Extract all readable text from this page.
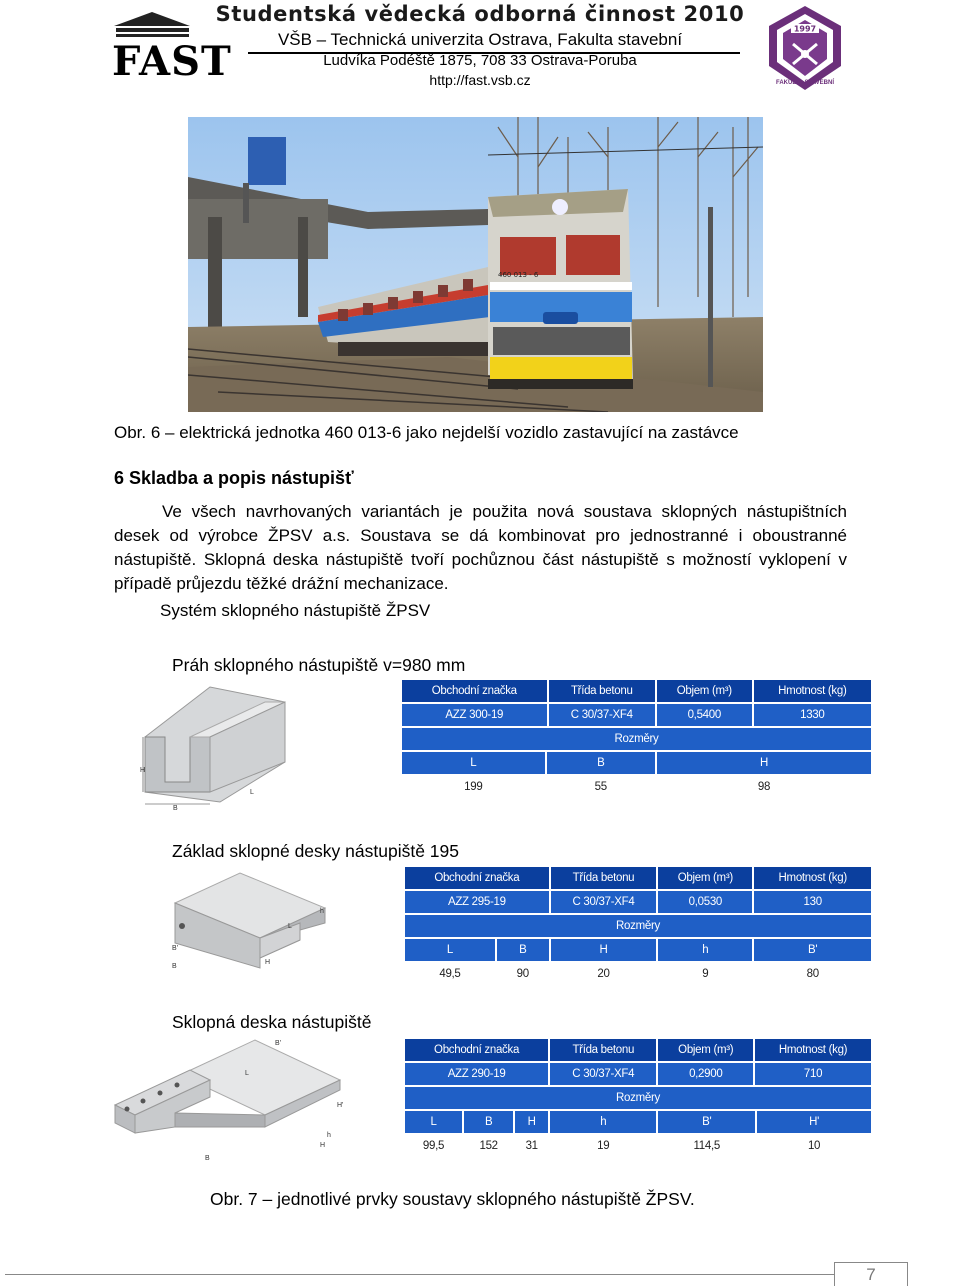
FAST
Studentská vědecká odborná činnost 2010
VŠB – Technická univerzita Ostrava, Fakulta stavební
Ludvíka Podéště 1875, 708 33 Ostrava-Poruba
http://fast.vsb.cz
1997
FAKULTA STAVEBNÍ
460 013 - 6
Obr. 6 – elektrická jednotka 460 013-6 jako nejdelší vozidlo zastavující na zastávce
6 Skladba a popis nástupišť
Ve všech navrhovaných variantách je použita nová soustava sklopných nástupištních desek od výrobce ŽPSV a.s. Soustava se dá kombinovat pro jednostranné i oboustranné nástupiště. Sklopná deska nástupiště tvoří pochůznou část nástupiště s možností vyklopení v případě průjezdu těžké drážní mechanizace.
Systém sklopného nástupiště ŽPSV
Práh sklopného nástupiště v=980 mm
H
L
B
Obchodní značka		Třída betonu	Objem (m³)	Hmotnost (kg)
AZZ 300-19		C 30/37-XF4	0,5400	1330
Rozměry				
L	B		H	
199	55		98	
Základ sklopné desky nástupiště 195
h
H
B'
B
L
Obchodní značka		Třída betonu	Objem (m³)	Hmotnost (kg)
AZZ 295-19		C 30/37-XF4	0,0530	130
Rozměry				
L	B	H	h	B'
49,5	90	20	9	80
Sklopná deska nástupiště
B'
H'
h
H
B
L
Obchodní značka			Třída betonu	Objem (m³)	Hmotnost (kg)	
AZZ 290-19			C 30/37-XF4	0,2900	710	
Rozměry						
L	B	H	h	B'		H'
99,5	152	31	19	114,5		10
Obr. 7 – jednotlivé prvky soustavy sklopného nástupiště ŽPSV.
7
